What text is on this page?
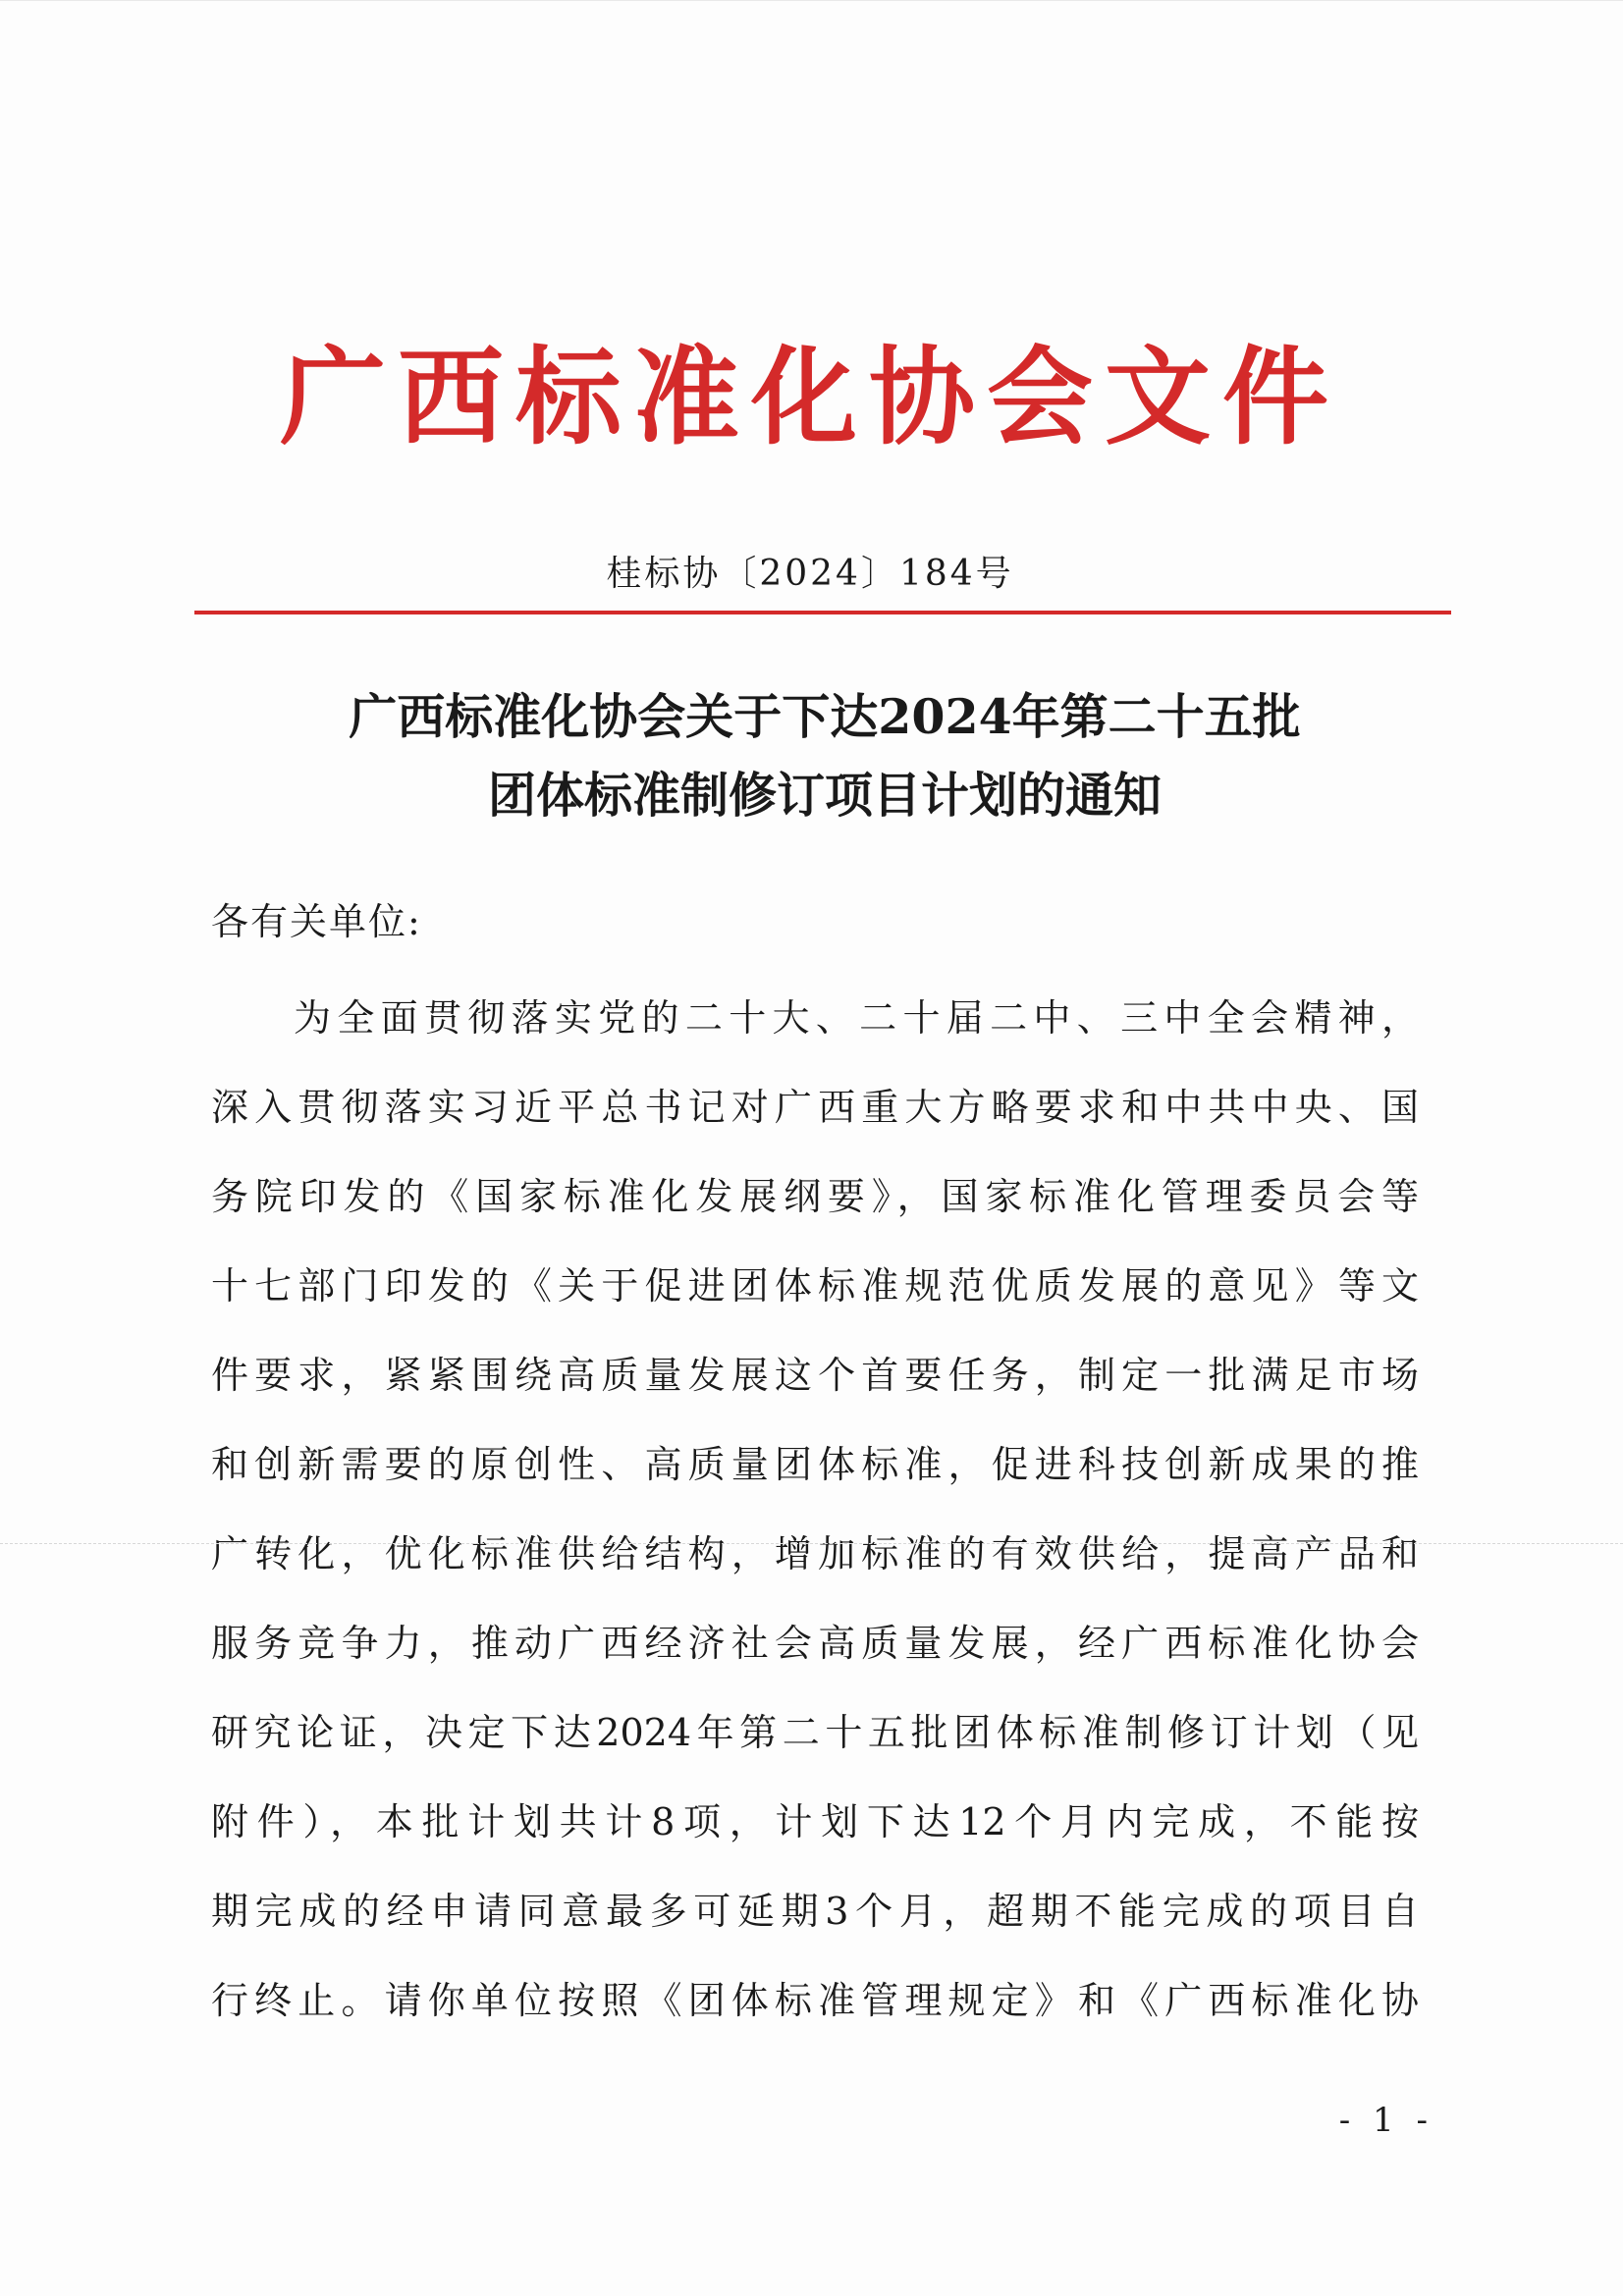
广西标准化协会文件
桂标协〔2024〕184号
广西标准化协会关于下达2024年第二十五批
团体标准制修订项目计划的通知
各有关单位:
为全面贯彻落实党的二十大、二十届二中、三中全会精神，
深入贯彻落实习近平总书记对广西重大方略要求和中共中央、国
务院印发的《国家标准化发展纲要》，国家标准化管理委员会等
十七部门印发的《关于促进团体标准规范优质发展的意见》等文
件要求，紧紧围绕高质量发展这个首要任务，制定一批满足市场
和创新需要的原创性、高质量团体标准，促进科技创新成果的推
广转化，优化标准供给结构，增加标准的有效供给，提高产品和
服务竞争力，推动广西经济社会高质量发展，经广西标准化协会
研究论证，决定下达2024年第二十五批团体标准制修订计划（见
附件），本批计划共计8项，计划下达12个月内完成，不能按
期完成的经申请同意最多可延期3个月，超期不能完成的项目自
行终止。请你单位按照《团体标准管理规定》和《广西标准化协
- 1 -
